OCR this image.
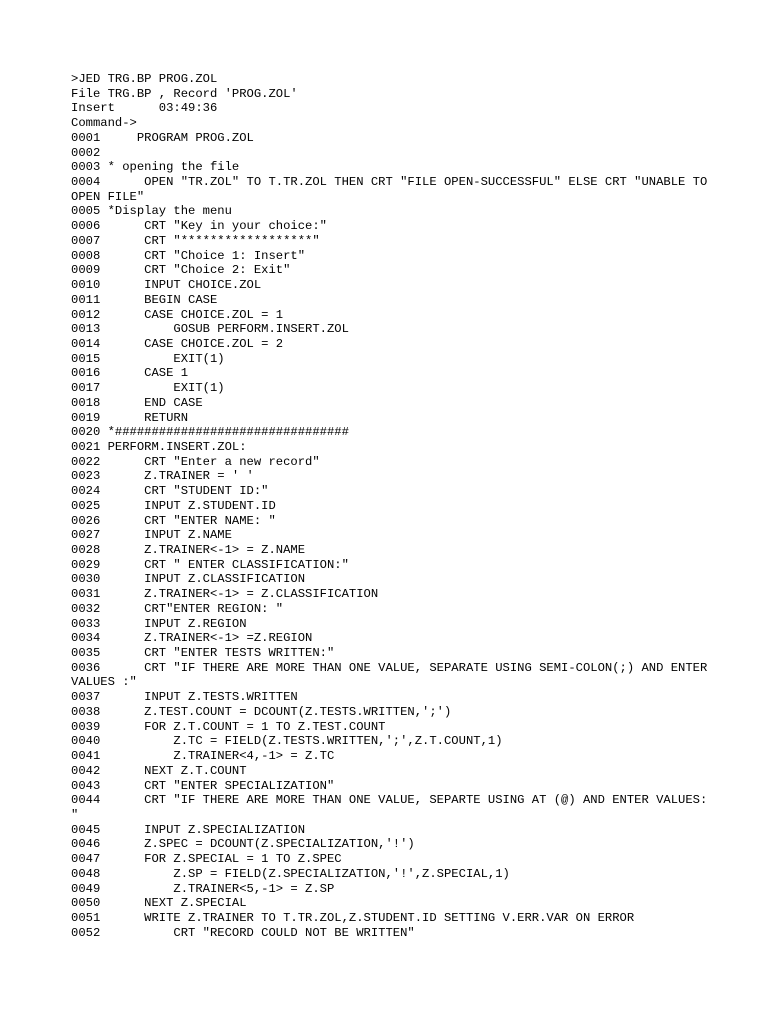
>JED TRG.BP PROG.ZOL
File TRG.BP , Record 'PROG.ZOL'
Insert      03:49:36
Command->
0001     PROGRAM PROG.ZOL
0002
0003 * opening the file
0004      OPEN "TR.ZOL" TO T.TR.ZOL THEN CRT "FILE OPEN-SUCCESSFUL" ELSE CRT "UNABLE TO OPEN FILE"
0005 *Display the menu
0006      CRT "Key in your choice:"
0007      CRT "******************"
0008      CRT "Choice 1: Insert"
0009      CRT "Choice 2: Exit"
0010      INPUT CHOICE.ZOL
0011      BEGIN CASE
0012      CASE CHOICE.ZOL = 1
0013          GOSUB PERFORM.INSERT.ZOL
0014      CASE CHOICE.ZOL = 2
0015          EXIT(1)
0016      CASE 1
0017          EXIT(1)
0018      END CASE
0019      RETURN
0020 *################################
0021 PERFORM.INSERT.ZOL:
0022      CRT "Enter a new record"
0023      Z.TRAINER = ' '
0024      CRT "STUDENT ID:"
0025      INPUT Z.STUDENT.ID
0026      CRT "ENTER NAME: "
0027      INPUT Z.NAME
0028      Z.TRAINER<-1> = Z.NAME
0029      CRT " ENTER CLASSIFICATION:"
0030      INPUT Z.CLASSIFICATION
0031      Z.TRAINER<-1> = Z.CLASSIFICATION
0032      CRT"ENTER REGION: "
0033      INPUT Z.REGION
0034      Z.TRAINER<-1> =Z.REGION
0035      CRT "ENTER TESTS WRITTEN:"
0036      CRT "IF THERE ARE MORE THAN ONE VALUE, SEPARATE USING SEMI-COLON(;) AND ENTER VALUES :"
0037      INPUT Z.TESTS.WRITTEN
0038      Z.TEST.COUNT = DCOUNT(Z.TESTS.WRITTEN,';')
0039      FOR Z.T.COUNT = 1 TO Z.TEST.COUNT
0040          Z.TC = FIELD(Z.TESTS.WRITTEN,';',Z.T.COUNT,1)
0041          Z.TRAINER<4,-1> = Z.TC
0042      NEXT Z.T.COUNT
0043      CRT "ENTER SPECIALIZATION"
0044      CRT "IF THERE ARE MORE THAN ONE VALUE, SEPARTE USING AT (@) AND ENTER VALUES: "
0045      INPUT Z.SPECIALIZATION
0046      Z.SPEC = DCOUNT(Z.SPECIALIZATION,'!')
0047      FOR Z.SPECIAL = 1 TO Z.SPEC
0048          Z.SP = FIELD(Z.SPECIALIZATION,'!',Z.SPECIAL,1)
0049          Z.TRAINER<5,-1> = Z.SP
0050      NEXT Z.SPECIAL
0051      WRITE Z.TRAINER TO T.TR.ZOL,Z.STUDENT.ID SETTING V.ERR.VAR ON ERROR
0052          CRT "RECORD COULD NOT BE WRITTEN"
